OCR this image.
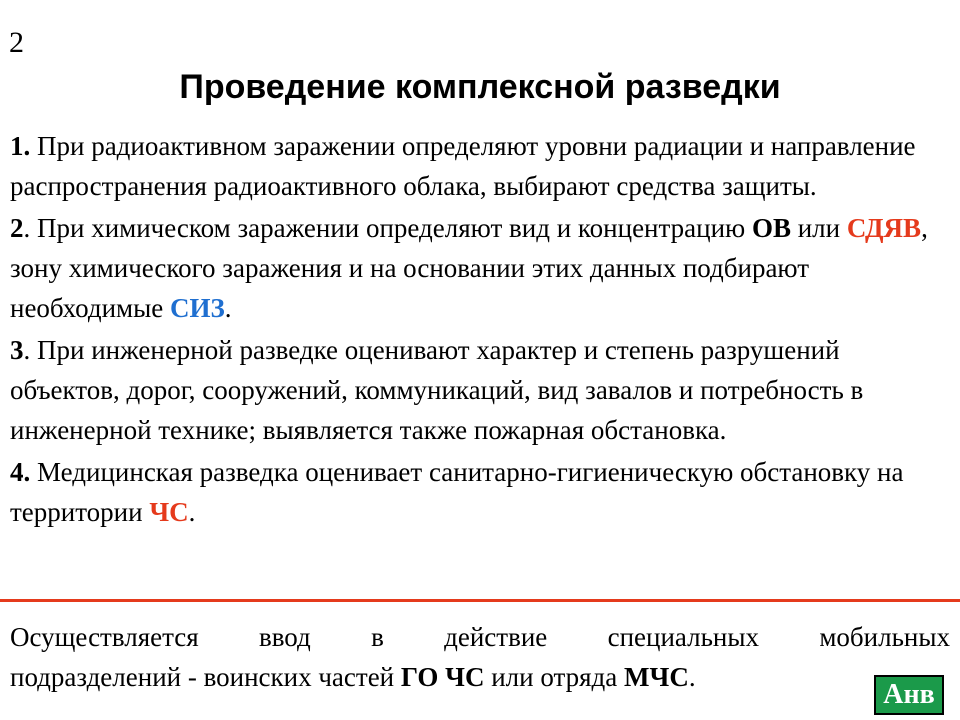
2
Проведение комплексной разведки

1. При радиоактивном заражении определяют уровни радиации и направление распространения радиоактивного облака, выбирают средства защиты.

2. При химическом заражении определяют вид и концентрацию ОВ или СДЯВ, зону химического заражения и на основании этих данных подбирают необходимые СИЗ.

3. При инженерной разведке оценивают характер и степень разрушений объектов, дорог, сооружений, коммуникаций, вид завалов и потребность в инженерной технике; выявляется также пожарная обстановка.

4. Медицинская разведка оценивает санитарно-гигиеническую обстановку на территории ЧС.

Осуществляется ввод в действие специальных мобильных
подразделений - воинских частей ГО ЧС или отряда МЧС.
Анв
